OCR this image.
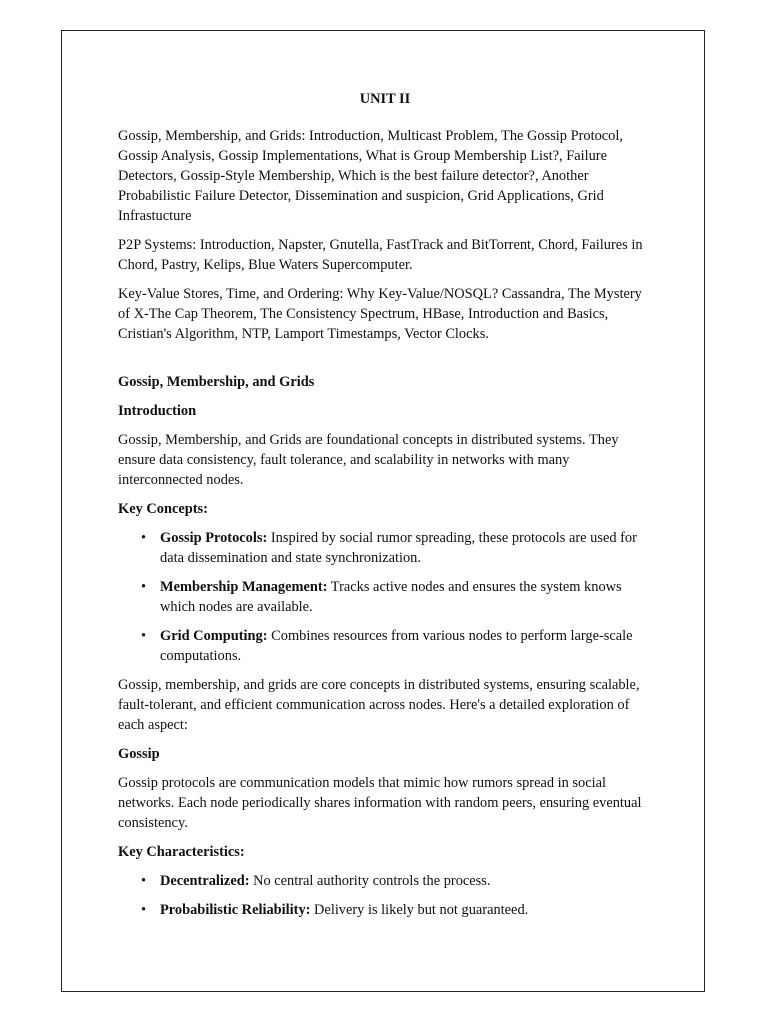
UNIT II

Gossip, Membership, and Grids: Introduction, Multicast Problem, The Gossip Protocol, Gossip Analysis, Gossip Implementations, What is Group Membership List?, Failure Detectors, Gossip-Style Membership, Which is the best failure detector?, Another Probabilistic Failure Detector, Dissemination and suspicion, Grid Applications, Grid Infrastucture

P2P Systems: Introduction, Napster, Gnutella, FastTrack and BitTorrent, Chord, Failures in Chord, Pastry, Kelips, Blue Waters Supercomputer.

Key-Value Stores, Time, and Ordering: Why Key-Value/NOSQL? Cassandra, The Mystery of X-The Cap Theorem, The Consistency Spectrum, HBase, Introduction and Basics, Cristian's Algorithm, NTP, Lamport Timestamps, Vector Clocks.

Gossip, Membership, and Grids
Introduction

Gossip, Membership, and Grids are foundational concepts in distributed systems. They ensure data consistency, fault tolerance, and scalability in networks with many interconnected nodes.

Key Concepts:
• Gossip Protocols: Inspired by social rumor spreading, these protocols are used for data dissemination and state synchronization.
• Membership Management: Tracks active nodes and ensures the system knows which nodes are available.
• Grid Computing: Combines resources from various nodes to perform large-scale computations.

Gossip, membership, and grids are core concepts in distributed systems, ensuring scalable, fault-tolerant, and efficient communication across nodes. Here's a detailed exploration of each aspect:

Gossip

Gossip protocols are communication models that mimic how rumors spread in social networks. Each node periodically shares information with random peers, ensuring eventual consistency.

Key Characteristics:
• Decentralized: No central authority controls the process.
• Probabilistic Reliability: Delivery is likely but not guaranteed.
